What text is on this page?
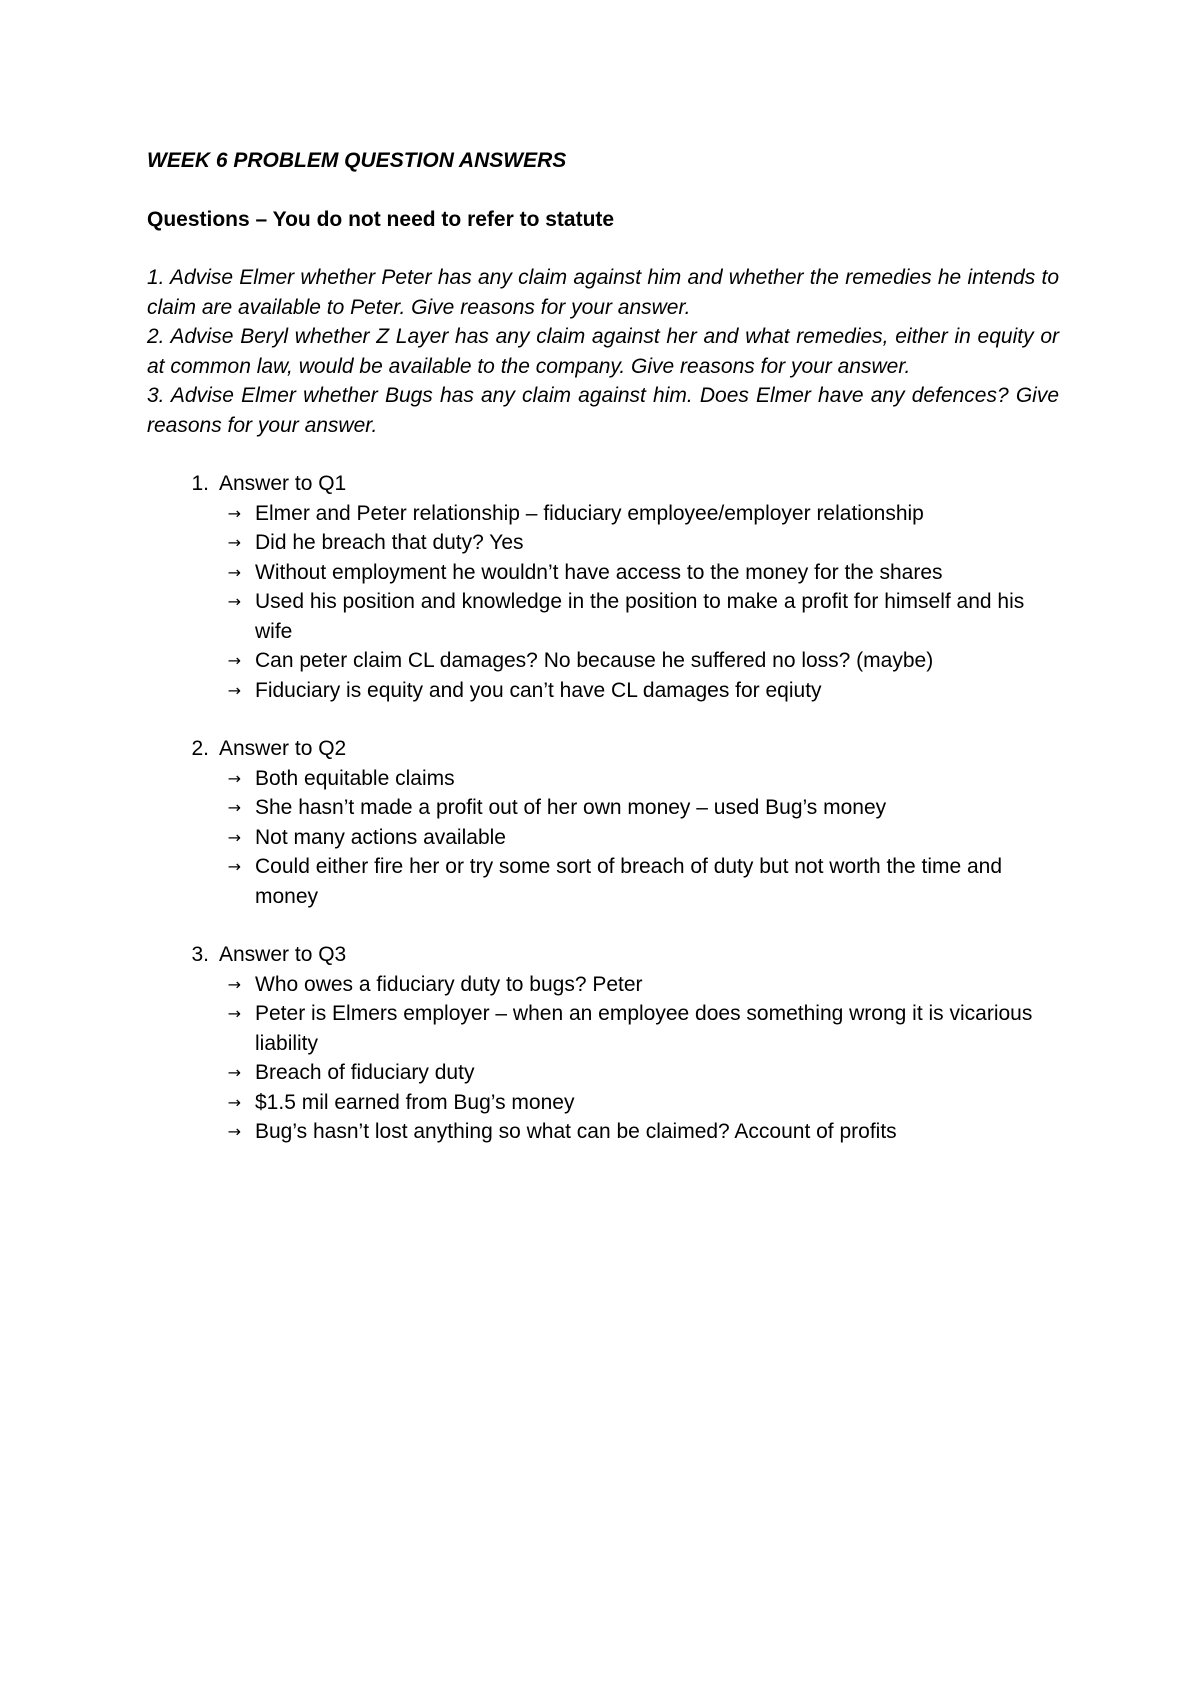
WEEK 6 PROBLEM QUESTION ANSWERS
Questions – You do not need to refer to statute

1. Advise Elmer whether Peter has any claim against him and whether the remedies he intends to claim are available to Peter. Give reasons for your answer.

2. Advise Beryl whether Z Layer has any claim against her and what remedies, either in equity or at common law, would be available to the company. Give reasons for your answer.

3. Advise Elmer whether Bugs has any claim against him. Does Elmer have any defences? Give reasons for your answer.

1. Answer to Q1
→ Elmer and Peter relationship – fiduciary employee/employer relationship
→ Did he breach that duty? Yes
→ Without employment he wouldn’t have access to the money for the shares
→ Used his position and knowledge in the position to make a profit for himself and his wife
→ Can peter claim CL damages? No because he suffered no loss? (maybe)
→ Fiduciary is equity and you can’t have CL damages for eqiuty
2. Answer to Q2
→ Both equitable claims
→ She hasn’t made a profit out of her own money – used Bug’s money
→ Not many actions available
→ Could either fire her or try some sort of breach of duty but not worth the time and money
3. Answer to Q3
→ Who owes a fiduciary duty to bugs? Peter
→ Peter is Elmers employer – when an employee does something wrong it is vicarious liability
→ Breach of fiduciary duty
→ $1.5 mil earned from Bug’s money
→ Bug’s hasn’t lost anything so what can be claimed? Account of profits
